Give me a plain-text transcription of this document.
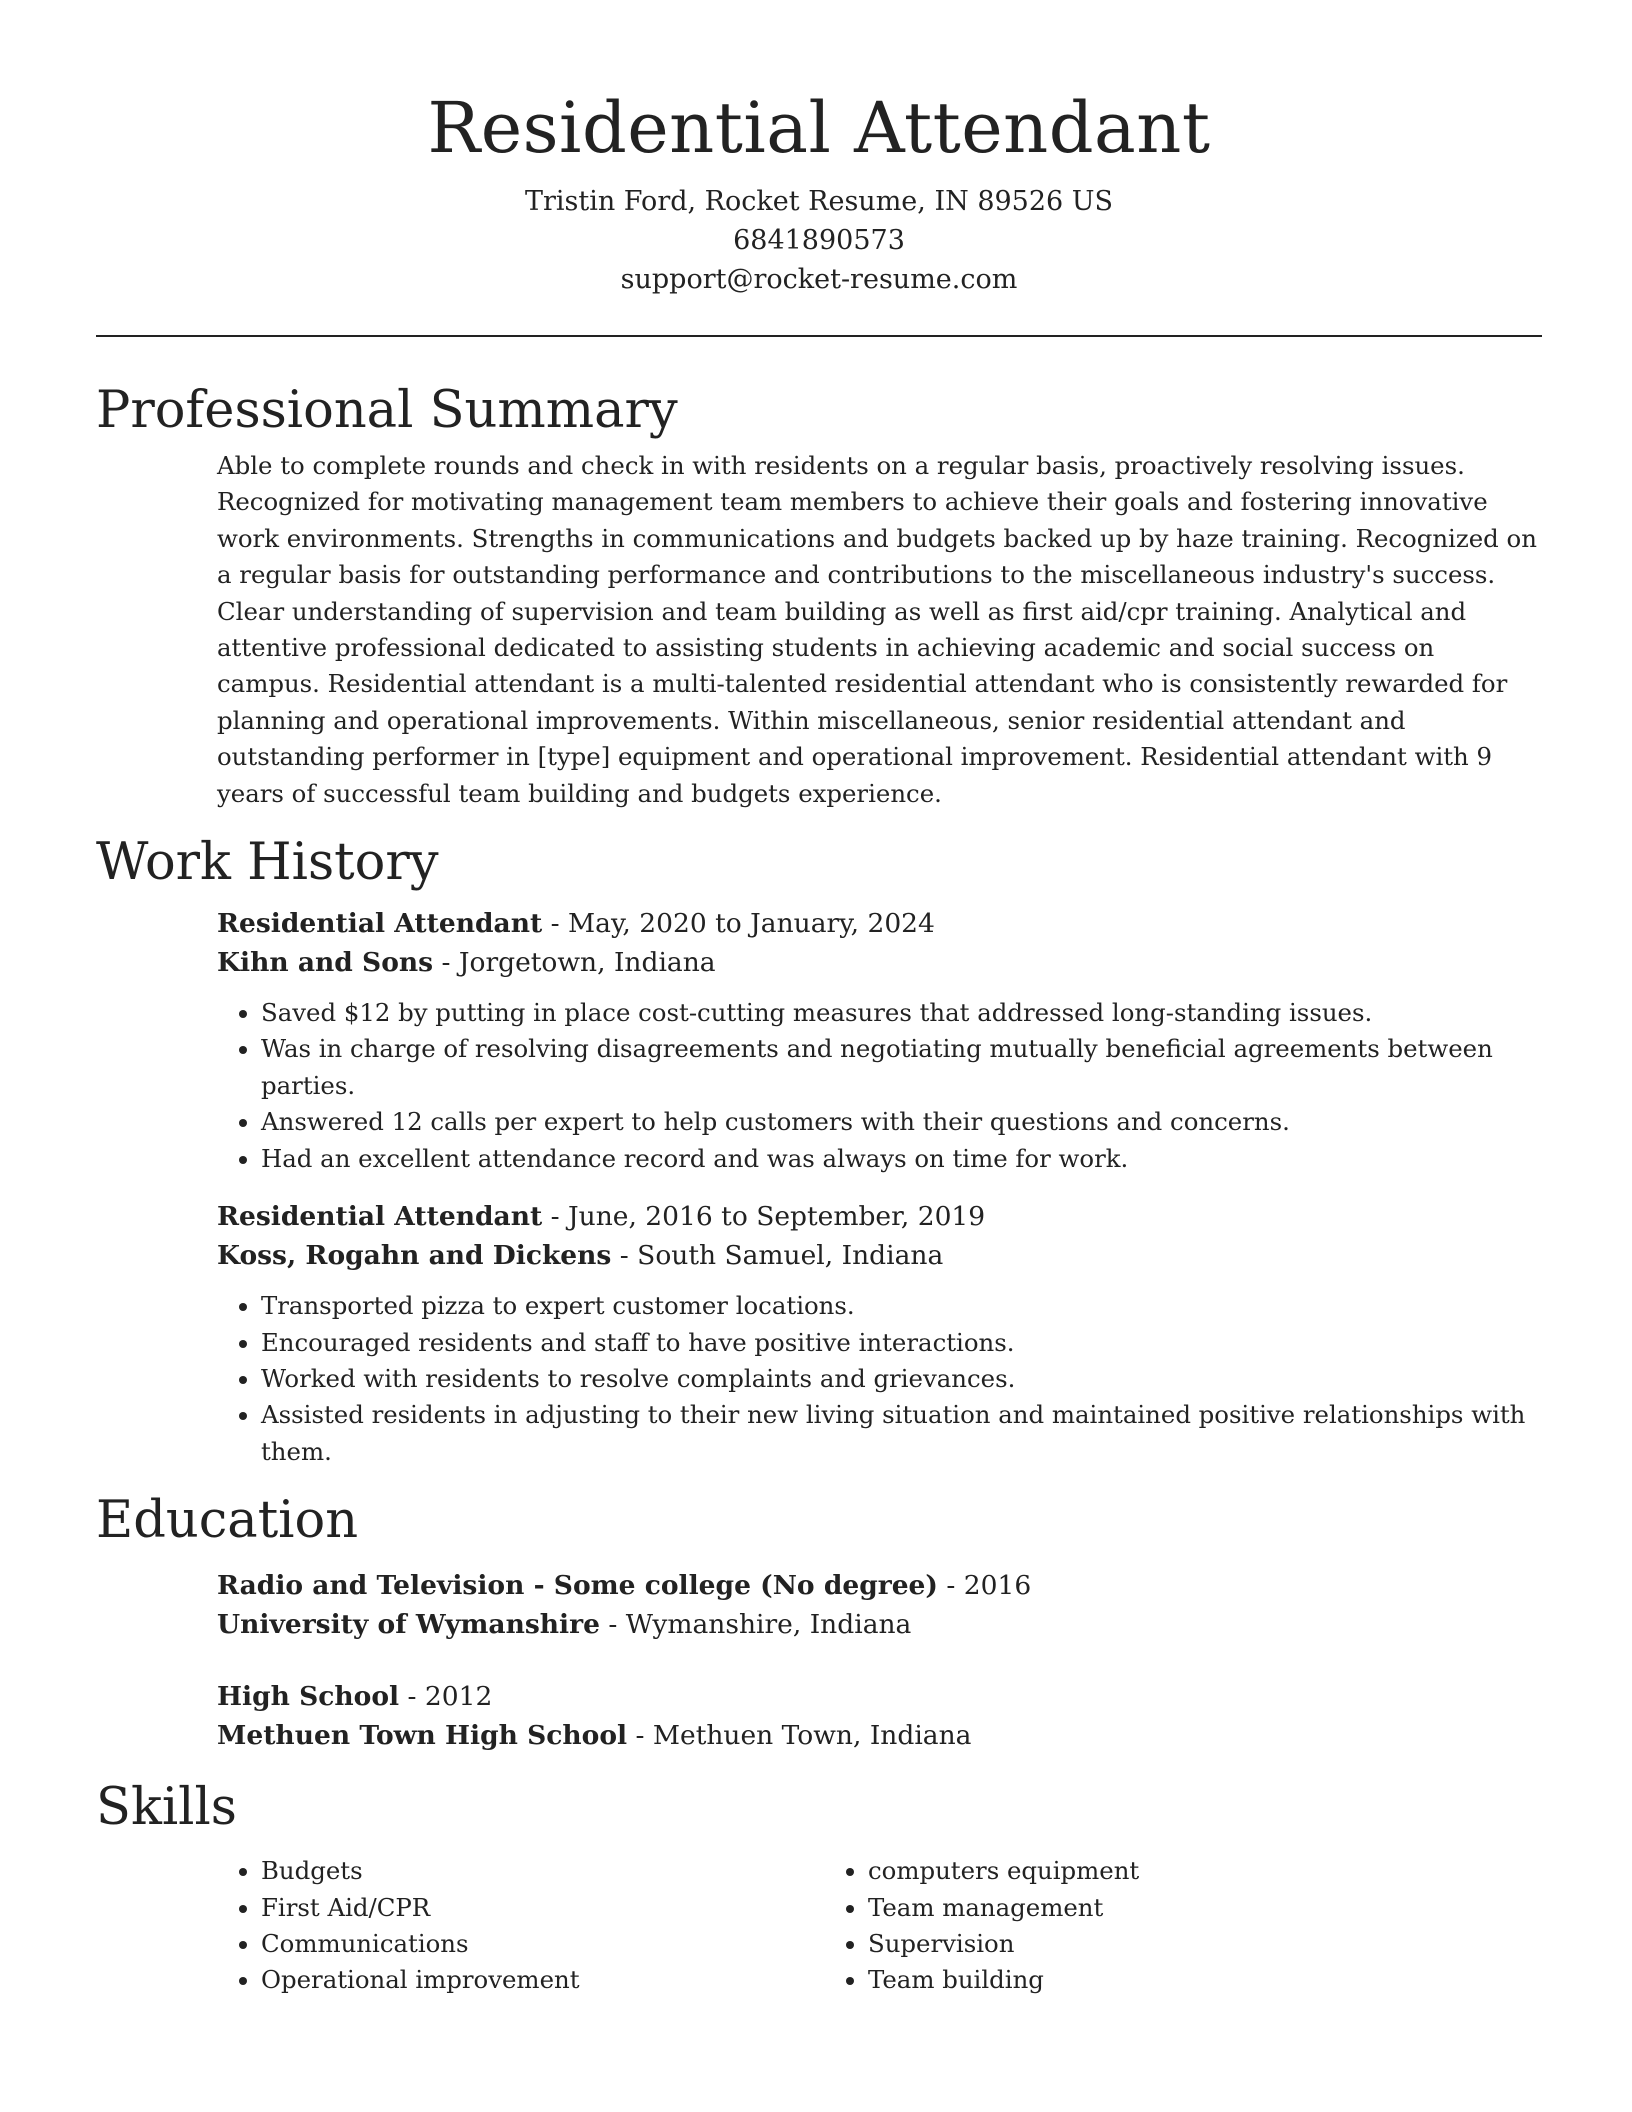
Residential Attendant
Tristin Ford, Rocket Resume, IN 89526 US
6841890573
support@rocket-resume.com
Professional Summary
Able to complete rounds and check in with residents on a regular basis, proactively resolving issues. Recognized for motivating management team members to achieve their goals and fostering innovative work environments. Strengths in communications and budgets backed up by haze training. Recognized on a regular basis for outstanding performance and contributions to the miscellaneous industry's success. Clear understanding of supervision and team building as well as first aid/cpr training. Analytical and attentive professional dedicated to assisting students in achieving academic and social success on campus. Residential attendant is a multi-talented residential attendant who is consistently rewarded for planning and operational improvements. Within miscellaneous, senior residential attendant and outstanding performer in [type] equipment and operational improvement. Residential attendant with 9 years of successful team building and budgets experience.
Work History
Residential Attendant - May, 2020 to January, 2024
Kihn and Sons - Jorgetown, Indiana
• Saved $12 by putting in place cost-cutting measures that addressed long-standing issues.
• Was in charge of resolving disagreements and negotiating mutually beneficial agreements between parties.
• Answered 12 calls per expert to help customers with their questions and concerns.
• Had an excellent attendance record and was always on time for work.
Residential Attendant - June, 2016 to September, 2019
Koss, Rogahn and Dickens - South Samuel, Indiana
• Transported pizza to expert customer locations.
• Encouraged residents and staff to have positive interactions.
• Worked with residents to resolve complaints and grievances.
• Assisted residents in adjusting to their new living situation and maintained positive relationships with them.
Education
Radio and Television - Some college (No degree) - 2016
University of Wymanshire - Wymanshire, Indiana
High School - 2012
Methuen Town High School - Methuen Town, Indiana
Skills
• Budgets
• First Aid/CPR
• Communications
• Operational improvement
• computers equipment
• Team management
• Supervision
• Team building
